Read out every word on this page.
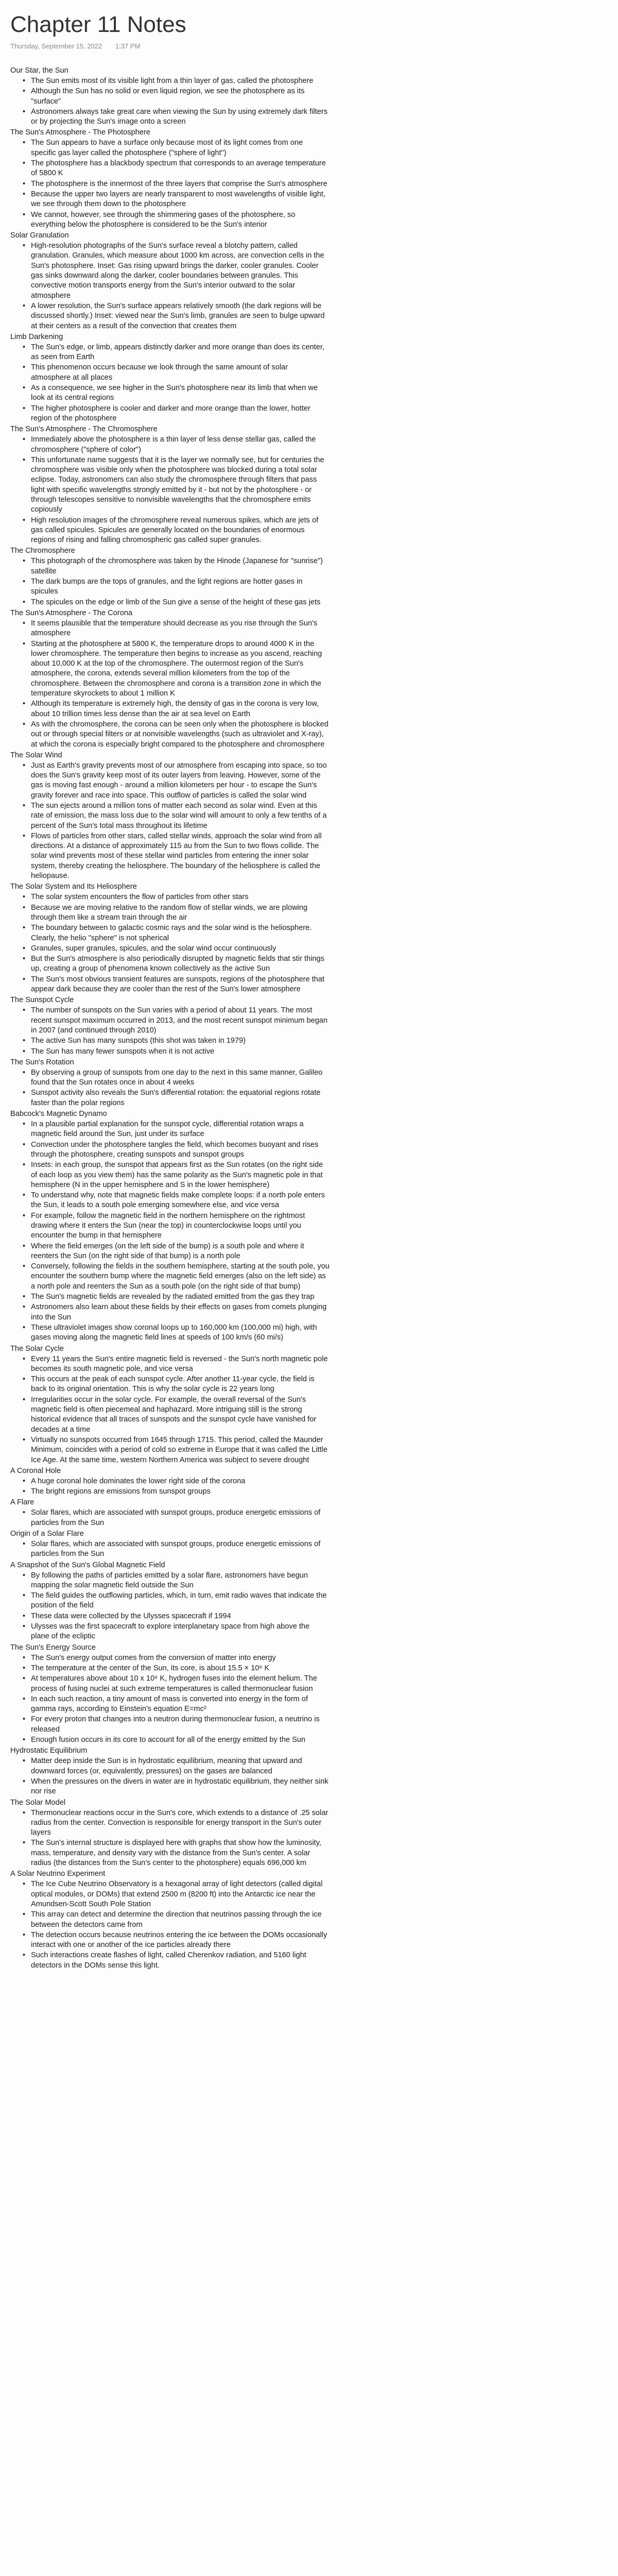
Chapter 11 Notes
Thursday, September 15, 2022 1:37 PM
Our Star, the Sun
• The Sun emits most of its visible light from a thin layer of gas, called the photosphere
• Although the Sun has no solid or even liquid region, we see the photosphere as its "surface"
• Astronomers always take great care when viewing the Sun by using extremely dark filters or by projecting the Sun's image onto a screen
The Sun's Atmosphere - The Photosphere
• The Sun appears to have a surface only because most of its light comes from one specific gas layer called the photosphere ("sphere of light")
• The photosphere has a blackbody spectrum that corresponds to an average temperature of 5800 K
• The photosphere is the innermost of the three layers that comprise the Sun's atmosphere
• Because the upper two layers are nearly transparent to most wavelengths of visible light, we see through them down to the photosphere
• We cannot, however, see through the shimmering gases of the photosphere, so everything below the photosphere is considered to be the Sun's interior
Solar Granulation
• High-resolution photographs of the Sun's surface reveal a blotchy pattern, called granulation. Granules, which measure about 1000 km across, are convection cells in the Sun's photosphere. Inset: Gas rising upward brings the darker, cooler granules. Cooler gas sinks downward along the darker, cooler boundaries between granules. This convective motion transports energy from the Sun's interior outward to the solar atmosphere
• A lower resolution, the Sun's surface appears relatively smooth (the dark regions will be discussed shortly.) Inset: viewed near the Sun's limb, granules are seen to bulge upward at their centers as a result of the convection that creates them
Limb Darkening
• The Sun's edge, or limb, appears distinctly darker and more orange than does its center, as seen from Earth
• This phenomenon occurs because we look through the same amount of solar atmosphere at all places
• As a consequence, we see higher in the Sun's photosphere near its limb that when we look at its central regions
• The higher photosphere is cooler and darker and more orange than the lower, hotter region of the photosphere
The Sun's Atmosphere - The Chromosphere
• Immediately above the photosphere is a thin layer of less dense stellar gas, called the chromosphere ("sphere of color")
• This unfortunate name suggests that it is the layer we normally see, but for centuries the chromosphere was visible only when the photosphere was blocked during a total solar eclipse. Today, astronomers can also study the chromosphere through filters that pass light with specific wavelengths strongly emitted by it - but not by the photosphere - or through telescopes sensitive to nonvisible wavelengths that the chromosphere emits copiously
• High resolution images of the chromosphere reveal numerous spikes, which are jets of gas called spicules. Spicules are generally located on the boundaries of enormous regions of rising and falling chromospheric gas called super granules.
The Chromosphere
• This photograph of the chromosphere was taken by the Hinode (Japanese for "sunrise") satellite
• The dark bumps are the tops of granules, and the light regions are hotter gases in spicules
• The spicules on the edge or limb of the Sun give a sense of the height of these gas jets
The Sun's Atmosphere - The Corona
• It seems plausible that the temperature should decrease as you rise through the Sun's atmosphere
• Starting at the photosphere at 5800 K, the temperature drops to around 4000 K in the lower chromosphere. The temperature then begins to increase as you ascend, reaching about 10,000 K at the top of the chromosphere. The outermost region of the Sun's atmosphere, the corona, extends several million kilometers from the top of the chromosphere. Between the chromosphere and corona is a transition zone in which the temperature skyrockets to about 1 million K
• Although its temperature is extremely high, the density of gas in the corona is very low, about 10 trillion times less dense than the air at sea level on Earth
• As with the chromosphere, the corona can be seen only when the photosphere is blocked out or through special filters or at nonvisible wavelengths (such as ultraviolet and X-ray), at which the corona is especially bright compared to the photosphere and chromosphere
The Solar Wind
• Just as Earth's gravity prevents most of our atmosphere from escaping into space, so too does the Sun's gravity keep most of its outer layers from leaving. However, some of the gas is moving fast enough - around a million kilometers per hour - to escape the Sun's gravity forever and race into space. This outflow of particles is called the solar wind
• The sun ejects around a million tons of matter each second as solar wind. Even at this rate of emission, the mass loss due to the solar wind will amount to only a few tenths of a percent of the Sun's total mass throughout its lifetime
• Flows of particles from other stars, called stellar winds, approach the solar wind from all directions. At a distance of approximately 115 au from the Sun to two flows collide. The solar wind prevents most of these stellar wind particles from entering the inner solar system, thereby creating the heliosphere. The boundary of the heliosphere is called the heliopause.
The Solar System and Its Heliosphere
• The solar system encounters the flow of particles from other stars
• Because we are moving relative to the random flow of stellar winds, we are plowing through them like a stream train through the air
• The boundary between to galactic cosmic rays and the solar wind is the heliosphere. Clearly, the helio "sphere" is not spherical
• Granules, super granules, spicules, and the solar wind occur continuously
• But the Sun's atmosphere is also periodically disrupted by magnetic fields that stir things up, creating a group of phenomena known collectively as the active Sun
• The Sun's most obvious transient features are sunspots, regions of the photosphere that appear dark because they are cooler than the rest of the Sun's lower atmosphere
The Sunspot Cycle
• The number of sunspots on the Sun varies with a period of about 11 years. The most recent sunspot maximum occurred in 2013, and the most recent sunspot minimum began in 2007 (and continued through 2010)
• The active Sun has many sunspots (this shot was taken in 1979)
• The Sun has many fewer sunspots when it is not active
The Sun's Rotation
• By observing a group of sunspots from one day to the next in this same manner, Galileo found that the Sun rotates once in about 4 weeks
• Sunspot activity also reveals the Sun's differential rotation: the equatorial regions rotate faster than the polar regions
Babcock's Magnetic Dynamo
• In a plausible partial explanation for the sunspot cycle, differential rotation wraps a magnetic field around the Sun, just under its surface
• Convection under the photosphere tangles the field, which becomes buoyant and rises through the photosphere, creating sunspots and sunspot groups
• Insets: in each group, the sunspot that appears first as the Sun rotates (on the right side of each loop as you view them) has the same polarity as the Sun's magnetic pole in that hemisphere (N in the upper hemisphere and S in the lower hemisphere)
• To understand why, note that magnetic fields make complete loops: if a north pole enters the Sun, it leads to a south pole emerging somewhere else, and vice versa
• For example, follow the magnetic field in the northern hemisphere on the rightmost drawing where it enters the Sun (near the top) in counterclockwise loops until you encounter the bump in that hemisphere
• Where the field emerges (on the left side of the bump) is a south pole and where it reenters the Sun (on the right side of that bump) is a north pole
• Conversely, following the fields in the southern hemisphere, starting at the south pole, you encounter the southern bump where the magnetic field emerges (also on the left side) as a north pole and reenters the Sun as a south pole (on the right side of that bump)
• The Sun's magnetic fields are revealed by the radiated emitted from the gas they trap
• Astronomers also learn about these fields by their effects on gases from comets plunging into the Sun
• These ultraviolet images show coronal loops up to 160,000 km (100,000 mi) high, with gases moving along the magnetic field lines at speeds of 100 km/s (60 mi/s)
The Solar Cycle
• Every 11 years the Sun's entire magnetic field is reversed - the Sun's north magnetic pole becomes its south magnetic pole, and vice versa
• This occurs at the peak of each sunspot cycle. After another 11-year cycle, the field is back to its original orientation. This is why the solar cycle is 22 years long
• Irregularities occur in the solar cycle. For example, the overall reversal of the Sun's magnetic field is often piecemeal and haphazard. More intriguing still is the strong historical evidence that all traces of sunspots and the sunspot cycle have vanished for decades at a time
• Virtually no sunspots occurred from 1645 through 1715. This period, called the Maunder Minimum, coincides with a period of cold so extreme in Europe that it was called the Little Ice Age. At the same time, western Northern America was subject to severe drought
A Coronal Hole
• A huge coronal hole dominates the lower right side of the corona
• The bright regions are emissions from sunspot groups
A Flare
• Solar flares, which are associated with sunspot groups, produce energetic emissions of particles from the Sun
Origin of a Solar Flare
• Solar flares, which are associated with sunspot groups, produce energetic emissions of particles from the Sun
A Snapshot of the Sun's Global Magnetic Field
• By following the paths of particles emitted by a solar flare, astronomers have begun mapping the solar magnetic field outside the Sun
• The field guides the outflowing particles, which, in turn, emit radio waves that indicate the position of the field
• These data were collected by the Ulysses spacecraft if 1994
• Ulysses was the first spacecraft to explore interplanetary space from high above the plane of the ecliptic
The Sun's Energy Source
• The Sun's energy output comes from the conversion of matter into energy
• The temperature at the center of the Sun, its core, is about 15.5 × 10⁶ K
• At temperatures above about 10 x 10⁶ K, hydrogen fuses into the element helium. The process of fusing nuclei at such extreme temperatures is called thermonuclear fusion
• In each such reaction, a tiny amount of mass is converted into energy in the form of gamma rays, according to Einstein's equation E=mc²
• For every proton that changes into a neutron during thermonuclear fusion, a neutrino is released
• Enough fusion occurs in its core to account for all of the energy emitted by the Sun
Hydrostatic Equilibrium
• Matter deep inside the Sun is in hydrostatic equilibrium, meaning that upward and downward forces (or, equivalently, pressures) on the gases are balanced
• When the pressures on the divers in water are in hydrostatic equilibrium, they neither sink nor rise
The Solar Model
• Thermonuclear reactions occur in the Sun's core, which extends to a distance of .25 solar radius from the center. Convection is responsible for energy transport in the Sun's outer layers
• The Sun's internal structure is displayed here with graphs that show how the luminosity, mass, temperature, and density vary with the distance from the Sun's center. A solar radius (the distances from the Sun's center to the photosphere) equals 696,000 km
A Solar Neutrino Experiment
• The Ice Cube Neutrino Observatory is a hexagonal array of light detectors (called digital optical modules, or DOMs) that extend 2500 m (8200 ft) into the Antarctic ice near the Amundsen-Scott South Pole Station
• This array can detect and determine the direction that neutrinos passing through the ice between the detectors came from
• The detection occurs because neutrinos entering the ice between the DOMs occasionally interact with one or another of the ice particles already there
• Such interactions create flashes of light, called Cherenkov radiation, and 5160 light detectors in the DOMs sense this light.
